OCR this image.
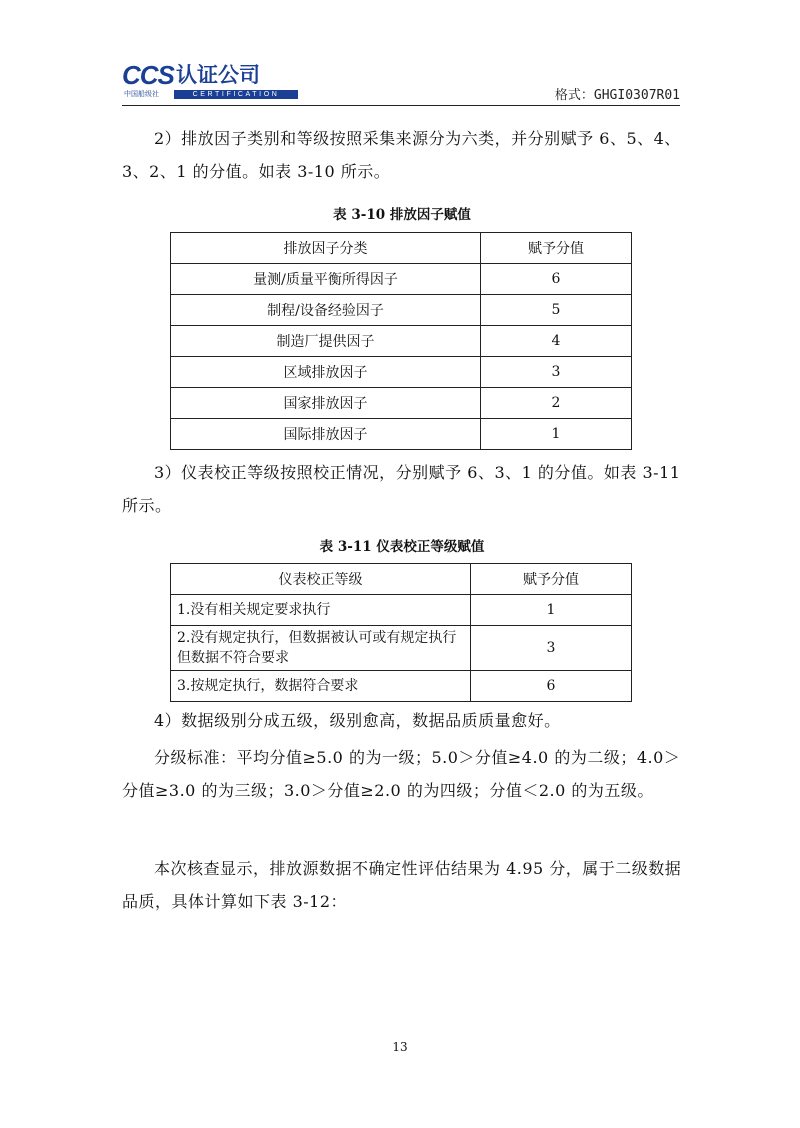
CCS 认证公司
中国船级社	CERTIFICATION	格式：GHGI0307R01
2）排放因子类别和等级按照采集来源分为六类，并分别赋予 6、5、4、3、2、1 的分值。如表 3-10 所示。
表 3-10 排放因子赋值
排放因子分类	赋予分值
量测/质量平衡所得因子	6
制程/设备经验因子	5
制造厂提供因子	4
区域排放因子	3
国家排放因子	2
国际排放因子	1
3）仪表校正等级按照校正情况，分别赋予 6、3、1 的分值。如表 3-11 所示。
表 3-11 仪表校正等级赋值
仪表校正等级	赋予分值
1.没有相关规定要求执行	1
2.没有规定执行，但数据被认可或有规定执行但数据不符合要求	3
3.按规定执行，数据符合要求	6
4）数据级别分成五级，级别愈高，数据品质质量愈好。
分级标准：平均分值≥5.0 的为一级；5.0＞分值≥4.0 的为二级；4.0＞分值≥3.0 的为三级；3.0＞分值≥2.0 的为四级；分值＜2.0 的为五级。
本次核查显示，排放源数据不确定性评估结果为 4.95 分，属于二级数据品质，具体计算如下表 3-12：
13
